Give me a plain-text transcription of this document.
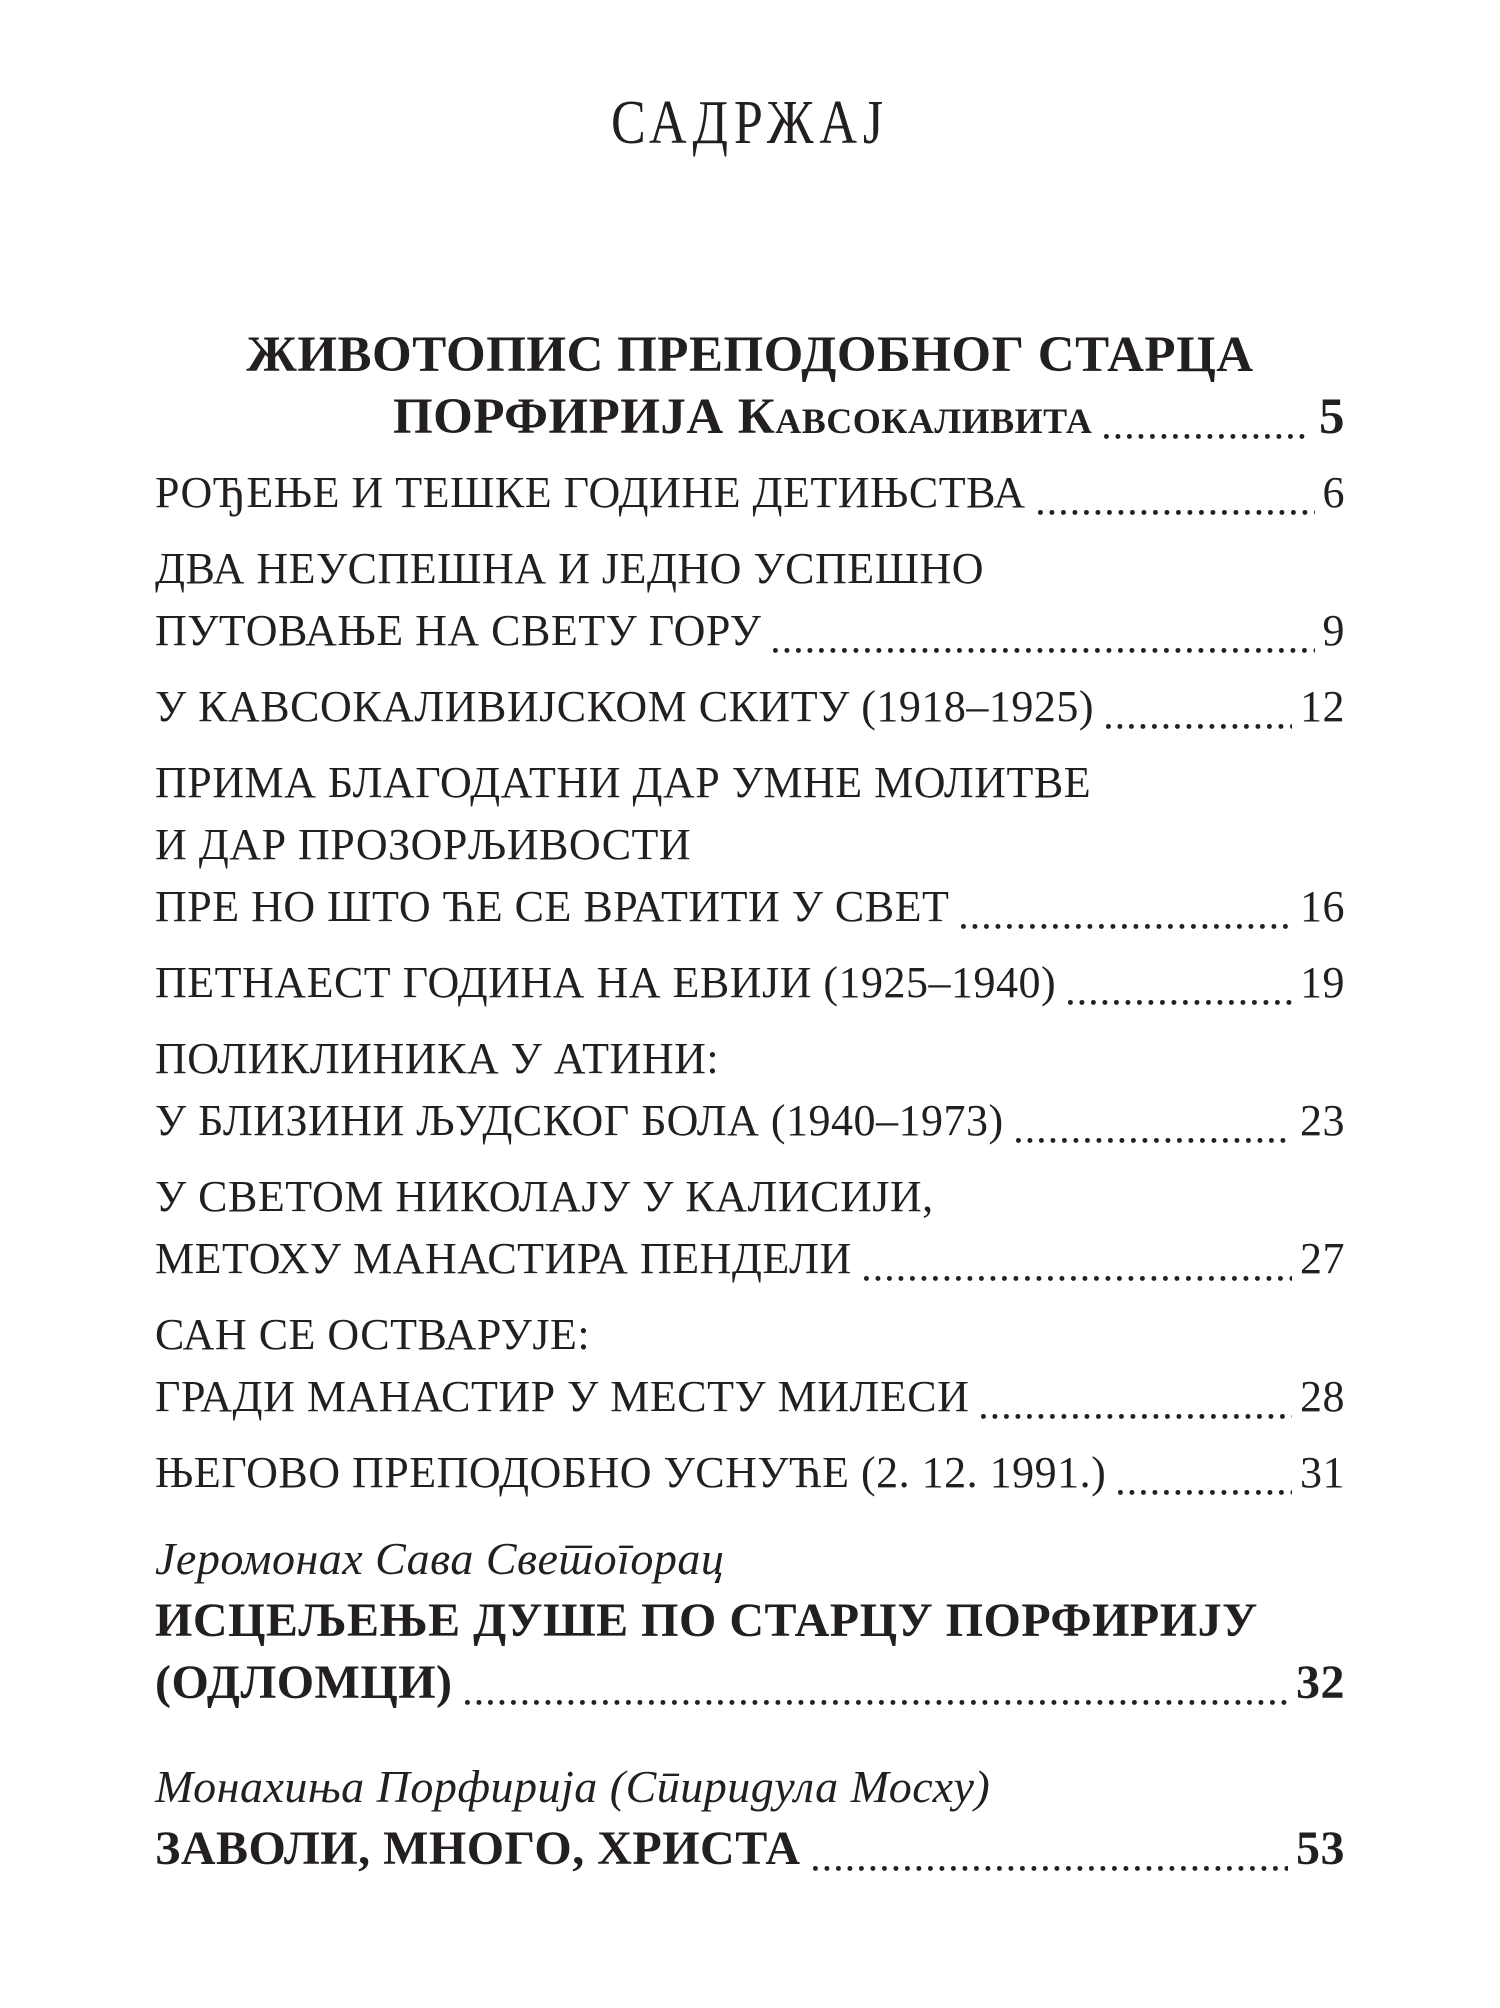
САДРЖАЈ
ЖИВОТОПИС ПРЕПОДОБНОГ СТАРЦА
ПОРФИРИЈА Кавсокаливита	5
РОЂЕЊЕ И ТЕШКЕ ГОДИНЕ ДЕТИЊСТВА	6
ДВА НЕУСПЕШНА И ЈЕДНО УСПЕШНО
ПУТОВАЊЕ НА СВЕТУ ГОРУ	9
У КАВСОКАЛИВИЈСКОМ СКИТУ (1918–1925)	12
ПРИМА БЛАГОДАТНИ ДАР УМНЕ МОЛИТВЕ
И ДАР ПРОЗОРЉИВОСТИ
ПРЕ НО ШТО ЋЕ СЕ ВРАТИТИ У СВЕТ	16
ПЕТНАЕСТ ГОДИНА НА ЕВИЈИ (1925–1940)	19
ПОЛИКЛИНИКА У АТИНИ:
У БЛИЗИНИ ЉУДСКОГ БОЛА (1940–1973)	23
У СВЕТОМ НИКОЛАЈУ У КАЛИСИЈИ,
МЕТОХУ МАНАСТИРА ПЕНДЕЛИ	27
САН СЕ ОСТВАРУЈЕ:
ГРАДИ МАНАСТИР У МЕСТУ МИЛЕСИ	28
ЊЕГОВО ПРЕПОДОБНО УСНУЋЕ (2. 12. 1991.)	31
Јеромонах Сава Светогорац
ИСЦЕЉЕЊЕ ДУШЕ ПО СТАРЦУ ПОРФИРИЈУ
(ОДЛОМЦИ)	32
Монахиња Порфирија (Спиридула Мосху)
ЗАВОЛИ, МНОГО, ХРИСТА	53
